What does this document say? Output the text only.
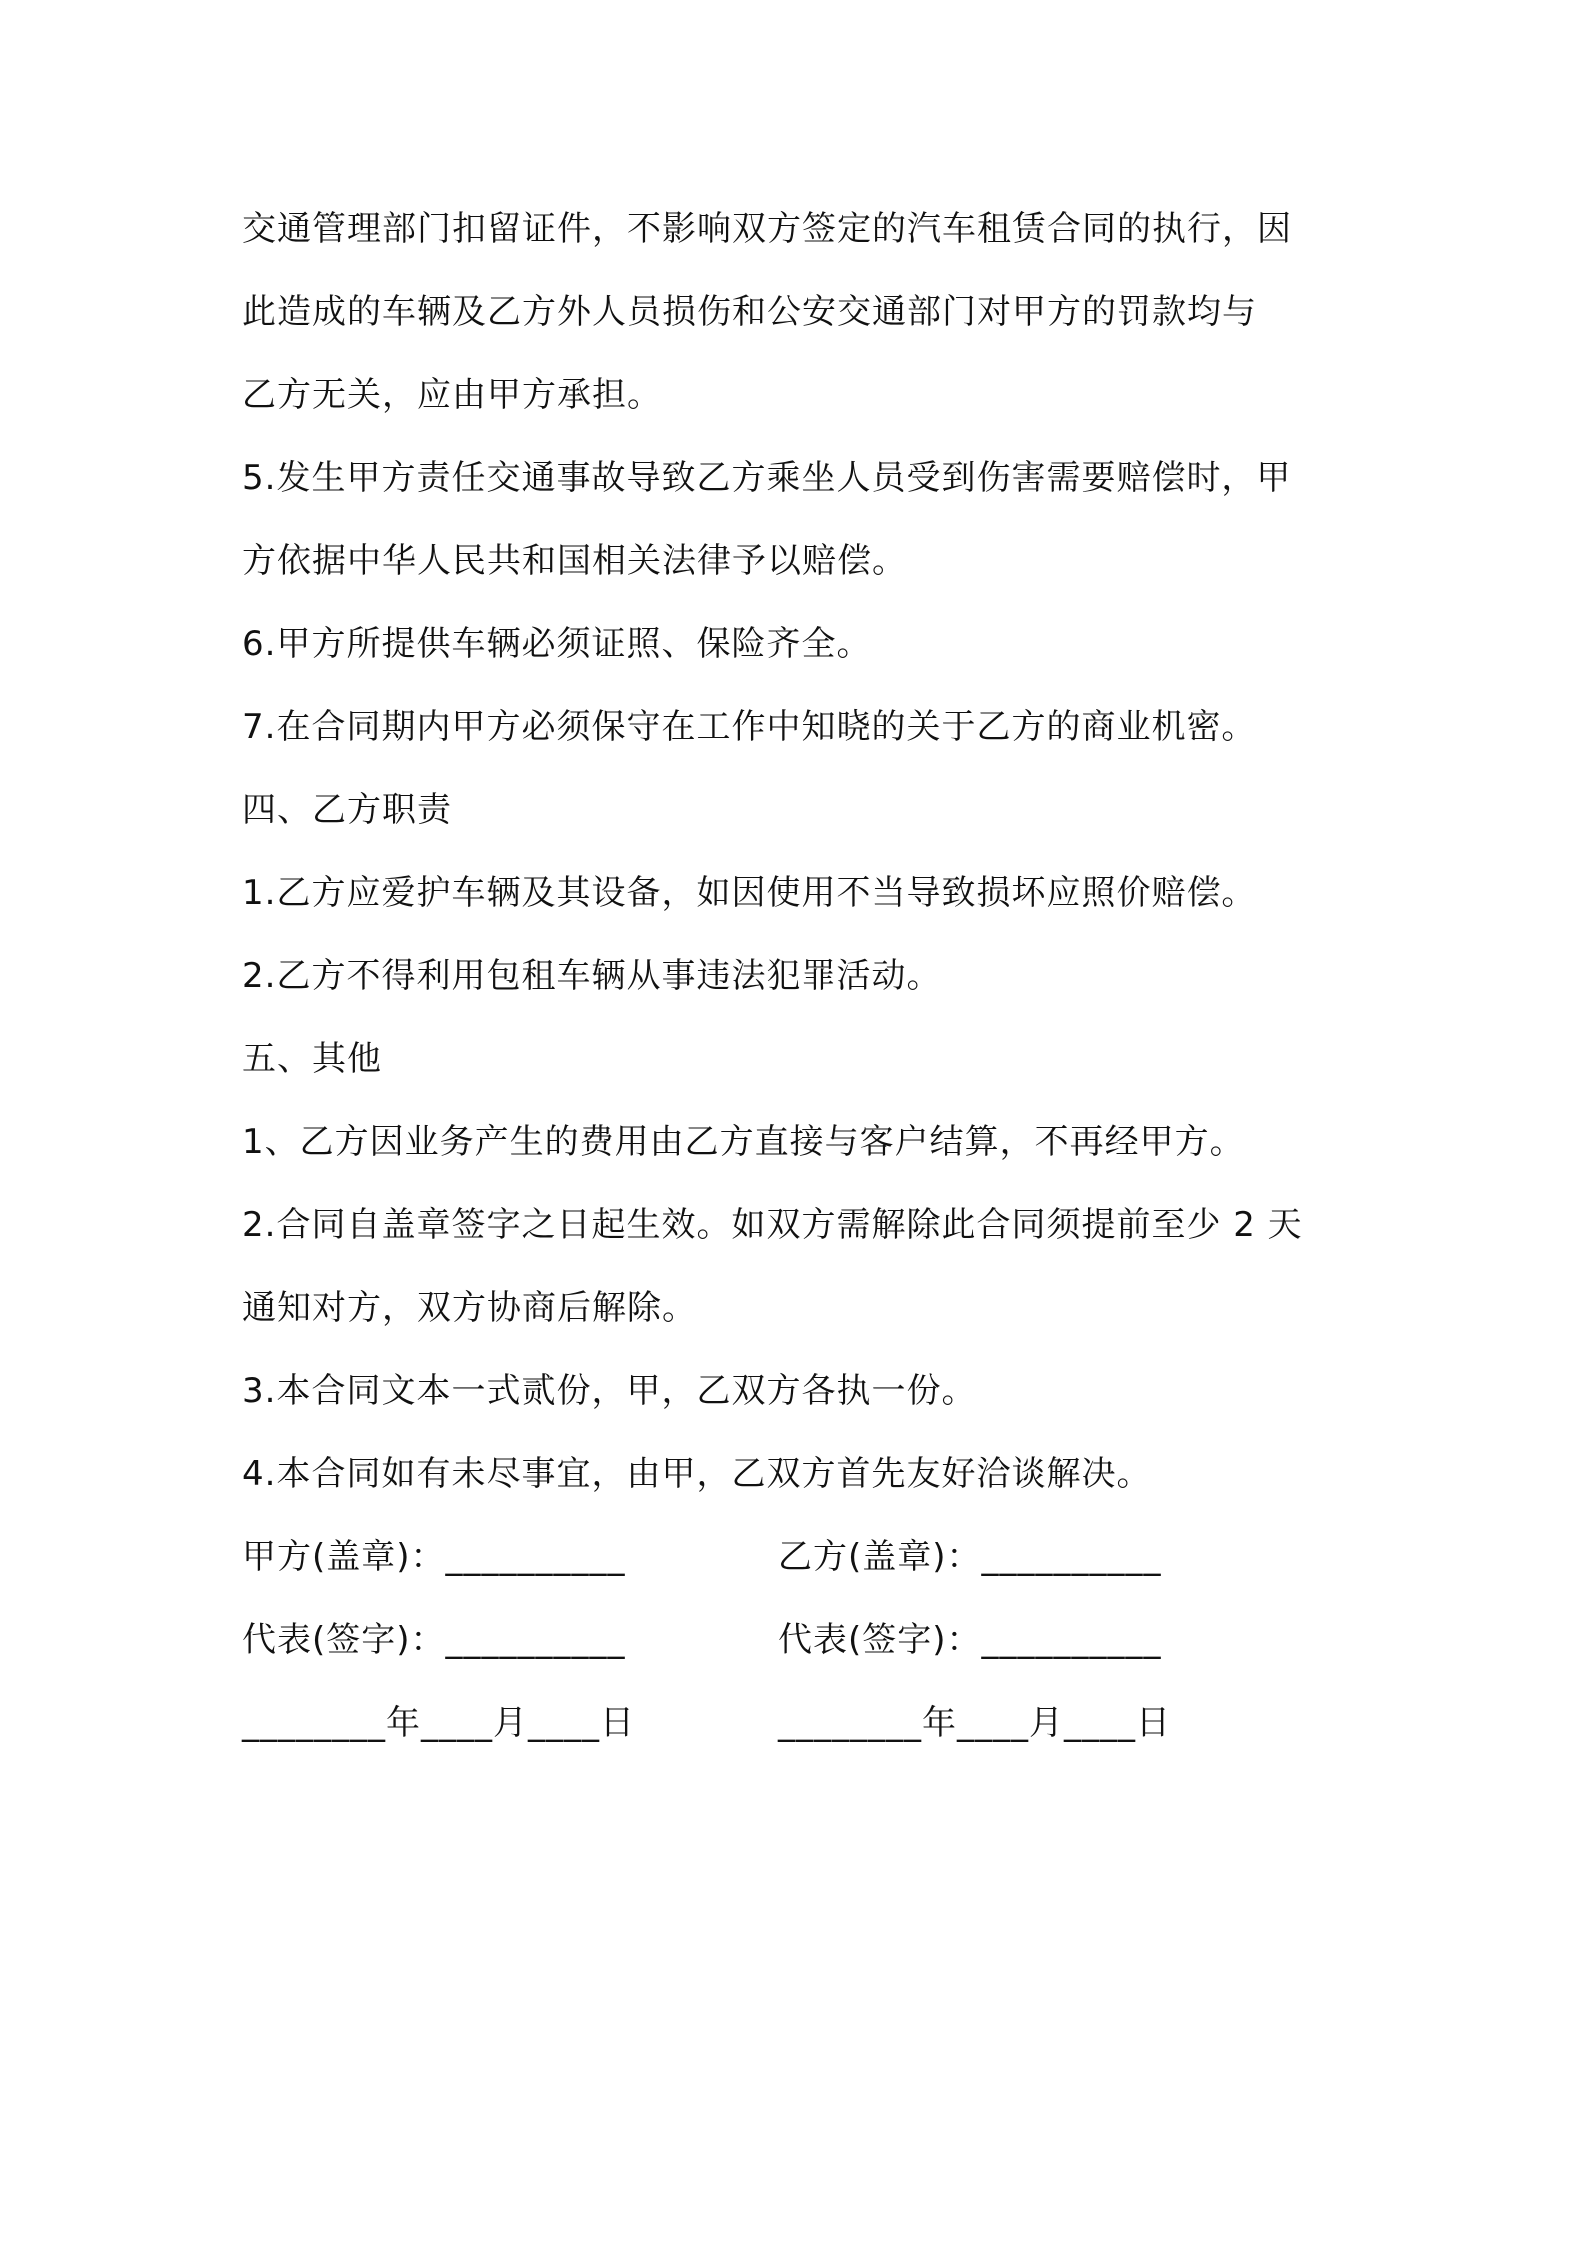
交通管理部门扣留证件，不影响双方签定的汽车租赁合同的执行，因
此造成的车辆及乙方外人员损伤和公安交通部门对甲方的罚款均与
乙方无关，应由甲方承担。
5.发生甲方责任交通事故导致乙方乘坐人员受到伤害需要赔偿时，甲
方依据中华人民共和国相关法律予以赔偿。
6.甲方所提供车辆必须证照、保险齐全。
7.在合同期内甲方必须保守在工作中知晓的关于乙方的商业机密。
四、乙方职责
1.乙方应爱护车辆及其设备，如因使用不当导致损坏应照价赔偿。
2.乙方不得利用包租车辆从事违法犯罪活动。
五、其他
1、乙方因业务产生的费用由乙方直接与客户结算，不再经甲方。
2.合同自盖章签字之日起生效。如双方需解除此合同须提前至少 2 天
通知对方，双方协商后解除。
3.本合同文本一式贰份，甲，乙双方各执一份。
4.本合同如有未尽事宜，由甲，乙双方首先友好洽谈解决。
甲方(盖章)：__________	乙方(盖章)：__________
代表(签字)：__________	代表(签字)：__________
________年____月____日	________年____月____日
